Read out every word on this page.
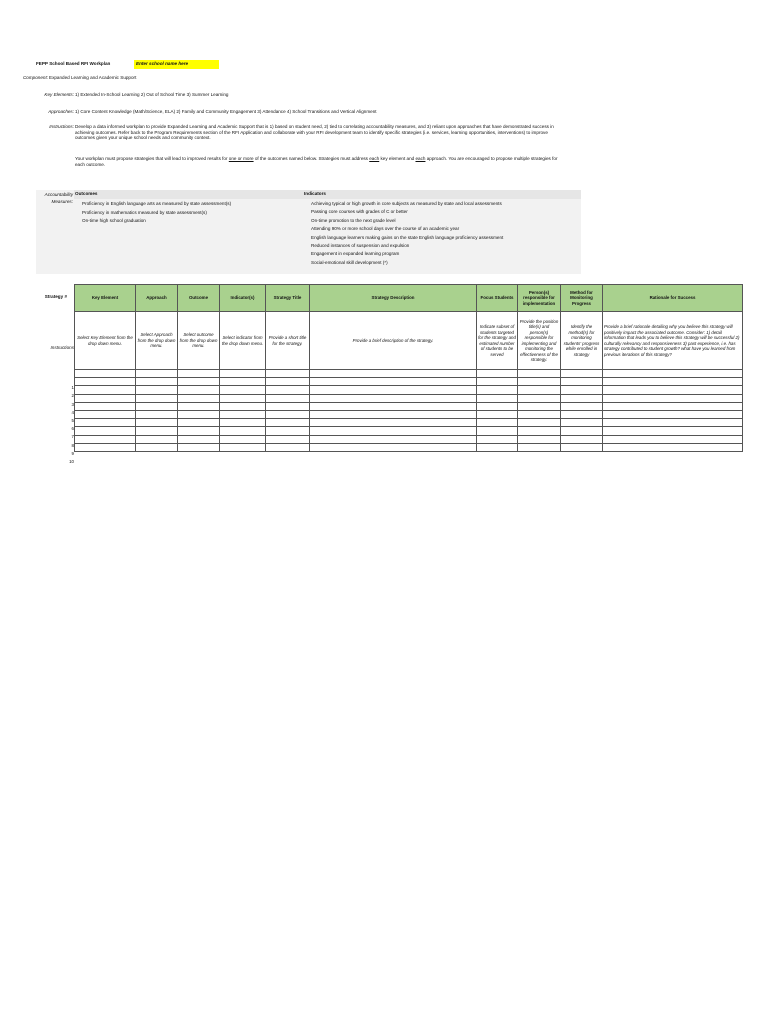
FEPP School Based RFI Workplan	Enter school name here
Component: Expanded Learning and Academic Support
Key Elements: 1) Extended In-School Learning 2) Out of School Time 3) Summer Learning
Approaches: 1) Core Content Knowledge (Math/Science, ELA) 2) Family and Community Engagement 3) Attendance 4) School Transitions and Vertical Alignment
Instructions: Develop a data informed workplan to provide Expanded Learning and Academic Support that is 1) based on student need, 2) tied to correlating accountability measures, and 3) reliant upon approaches that have demonstrated success in
achieving outcomes. Refer back to the Program Requirements section of the RFI Application and collaborate with your RFI development team to identify specific strategies (i.e. services, learning opportunities, interventions) to improve
outcomes given your unique school needs and community context.
Your workplan must propose strategies that will lead to improved results for one or more of the outcomes named below. Strategies must address each key element and each approach. You are encouraged to propose multiple strategies for
each outcome.
Accountability
Measures:
Outcomes
Proficiency in English language arts as measured by state assessment(s)
Proficiency in mathematics measured by state assessment(s)
On-time high school graduation
Indicators
Achieving typical or high growth in core subjects as measured by state and local assessments
Passing core courses with grades of C or better
On-time promotion to the next grade level
Attending 90% or more school days over the course of an academic year
English language learners making gains on the state English language proficiency assessment
Reduced instances of suspension and expulsion
Engagement in expanded learning program
Social-emotional skill development (*)
Strategy #
Instructions
1
2
3
4
5
6
7
8
9
10
Key Element	Approach	Outcome	Indicator(s)	Strategy Title	Strategy Description	Focus Students	Person(s) responsible for implementation	Method for Monitoring Progress	Rationale for Success
Select Key Element from the drop down menu.	Select Approach from the drop down menu.	Select outcome from the drop down menu.	Select indicator from the drop down menu.	Provide a short title for the strategy.	Provide a brief description of the strategy.	Indicate subset of students targeted for the strategy and estimated number of students to be served	Provide the position title(s) and person(s) responsible for implementing and monitoring the effectiveness of the strategy.	Identify the method(s) for monitoring students' progress while enrolled in strategy	Provide a brief rationale detailing why you believe this strategy will positively impact the associated outcome. Consider: 1) detail information that leads you to believe this strategy will be successful 2) culturally relevancy and responsiveness 3) past experience, i.e. has strategy contributed to student growth? what have you learned from previous iterations of this strategy?
